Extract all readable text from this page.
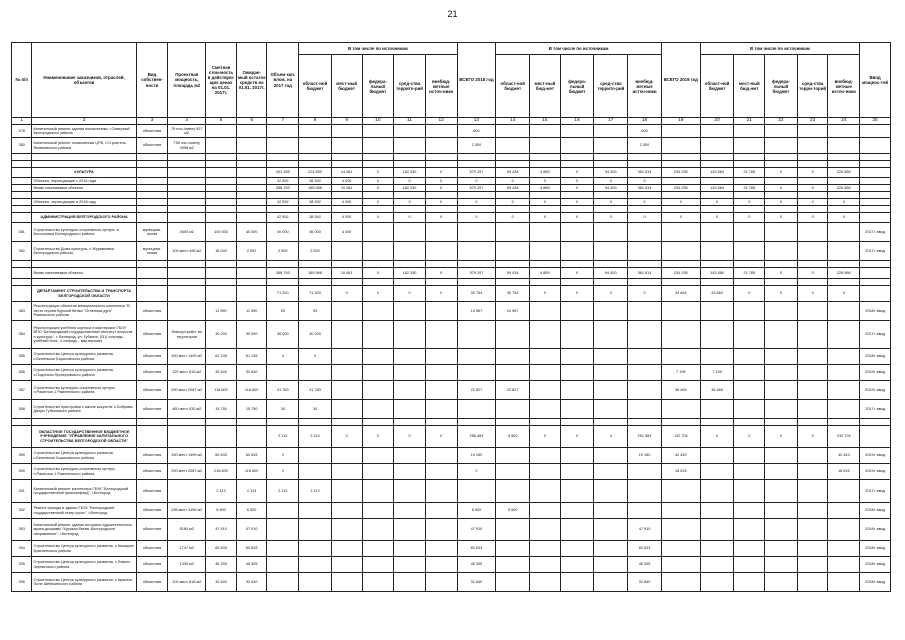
21
№ п/п	Наименование заказчиков, отраслей, объектов	Вид собствен-ности	Проектная мощность, площадь м2	Сметная стои-мость в действую-щих ценах на 01.01. 2017г.	Ожидае-мый остаток средств на 01.01. 2017г.	Объем кап. влож. на 2017 год	В том числе по источникам					ВСЕГО 2018 год	В том числе по источникам					ВСЕГО 2019 год	В том числе по источникам					Ввод мощнос-тей
							област-ной бюджет	мест-ный бюджет	федера-льный бюджет	сред-ства террито-рий	внебюд-жетные источ-ники		област-ной бюджет	мест-ный бюд-жет	федера-льный бюджет	сред-ства террито-рий	внебюд-жетные источ-ники		област-ной бюджет	мест-ный бюд-жет	федера-льный бюджет	сред-ства терри-торий	внебюд-жетные источ-ники	
1	2	3	4	5	6	7	8	9	10	11	12	13	14	15	16	17	18	19	20	21	22	23	24	25
378	Капитальный ремонт здания поликлиники, г.Северный Белгородского района	областная	75 пос./смену 927 м2									600					600							
380	Капитальный ремонт поликлиники ЦРБ, г.Строитель Яковлевского района	областная	750 пос./смену 4998 м2									2 000					2 000							

	КУЛЬТУРА					401 365	224 553	14 481	0	162 330	0	579 297	59 434	4 889	0	94 400	361 614	234 035	143 684	21 785	0	0	226 566	
	Объекты, переходящие с 2016 года					42 592	38 592	4 000	0	0	0	0	0	0	0	0	0							
	Вновь начинаемые объекты					358 763	185 966	10 481	0	162 330	0	579 297	59 434	4 889	0	94 400	361 614	234 035	143 684	21 785	0	0	226 566	

	Объекты, переходящие в 2018 году					42 592	38 592	4 000	0	0	0	0	0	0	0	0	0	0	0	0	0	0	0	

	АДМИНИСТРАЦИЯ БЕЛГОРОДСКОГО РАЙОНА					42 592	38 592	4 000	0	0	0	0	0	0	0	0	0	0	0	0	0	0	0	
381	Строительство культурно-спортивного центра, в Бессоновка Белгородского района	муниципа-льная	2600 м2	100 000	40 000	40 000	36 000	4 000																2017г. ввод
382	Строительство Дома культуры, с.Журавлевка Белгородского района	муниципа-льная	100 мест 496 м2	18 000	2 592	2 592	2 592																	2017г. ввод

	Вновь начинаемые объекты					358 763	185 966	10 481	0	162 330	0	579 297	59 434	4 889	0	94 400	361 614	234 035	143 684	21 785	0	0	226 566	

	ДЕПАРТАМЕНТ СТРОИТЕЛЬСТВА И ТРАНСПОРТА БЕЛГОРОДСКОЙ ОБЛАСТИ					71 920	71 920	0	0	0	0	30 754	30 754	0	0	0	0	43 664	43 664	0	0	0	0	
383	Реконструкция объектов мемориального комплекса "В честь героев Курской битвы "Огненная дуга" Ровеньского района	областная		11 990	11 990	93	93					10 967	10 967											2018г. ввод
384	Реконструкция учебного корпуса и мастерских ГБОУ ВПО "Белгородский государственный институт искусств и культуры", г. Белгород, ул. Губкина, 53 (I очередь - учебный блок, II очередь - мастерские)	областная	благоустройст во территории	30 000	30 000	30 000	30 000																	2017г. ввод
385	Строительство Центра культурного развития, с.Беленькое Борисовского района	областная	150 мест 1495 м2	61 145	61 145	0	0																	2018г. ввод
386	Строительство Центра культурного развития, с.Подольхи Прохоровского района	областная	120 мест 818 м2	30 640	32 640													7 199	7 199					2019г. ввод
387	Строительство культурно-спортивного центра, п.Ракитное-1 Ракитянского района	областная	200 мест 2087 м2	118 600	118 600	41 783	41 783					22 827	22 827					36 465	36 465					2019г. ввод
388	Строительство пристройки к школе искусств, с.Бобровы Дворы Губкинского района	областная	460 мест 530 м2	15 750	15 750	34	34																	2017г. ввод

	ОБЛАСТНОЕ ГОСУДАРСТВЕННОЕ БЮДЖЕТНОЕ УЧРЕЖДЕНИЕ "УПРАВЛЕНИЕ КАПИТАЛЬНОГО СТРОИТЕЛЬСТВА БЕЛГОРОДСКОЙ ОБЛАСТИ"					2 113	2 113	0	0	0	0	256 483	5 500	0	0	0	251 983	132 704	0	0	0	0	132 704	
389	Строительство Центра культурного развития, с.Беленькое Борисовского района	областная	150 мест 1495 м2	60 633	60 633	0						19 180					19 180	42 443					42 443	2019г. ввод
390	Строительство культурно-спортивного центра, п.Ракитное-1 Ракитянского района	областная	200 мест 2087 м2	218 600	118 600	0						0						18 515					18 515	2019г. ввод
391	Капитальный ремонт кинотеатра ГБУК "Белгородский государственный фильмофонд", г.Белгород	областная		2 113	2 113	2 113	2 113																	2017г. ввод
392	Ремонт фасада в здании ГБУК "Белгородский государственный театр кукол", г.Белгород	областная	236 мест 3156 м2	6 500	6 500							6 500	5 500											2018г. ввод
393	Капитальный ремонт здания историко-художественного музея-диорамы "Курская битва. Белгородское направление", г.Белгород	областная	5184 м2	47 910	47 910							47 910					47 910							2018г. ввод
394	Строительство Центра культурного развития, с.Казацкое Красненского района	областная	1747 м2	60 633	60 633							60 633					60 633							2018г. ввод
395	Строительство Центра культурного развития, с.Ловчее Чернянского района	областная	1339 м2	46 305	46 305							46 305					46 305							2018г. ввод
396	Строительство Центра культурного развития, с.Красное Поле Шебекинского района	областная	100 мест 818 м2	32 640	32 640							32 640					32 640							2018г. ввод
